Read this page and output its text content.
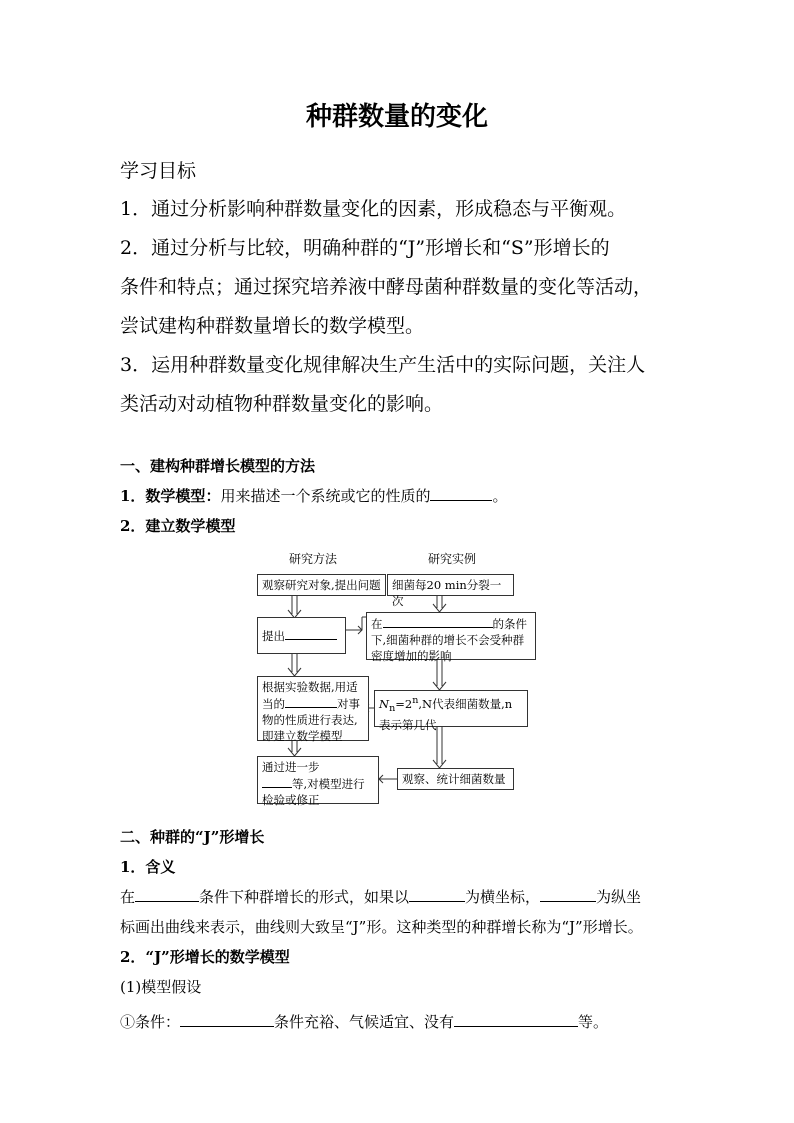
种群数量的变化
学习目标
1．通过分析影响种群数量变化的因素，形成稳态与平衡观。
2．通过分析与比较，明确种群的“J”形增长和“S”形增长的
条件和特点；通过探究培养液中酵母菌种群数量的变化等活动，
尝试建构种群数量增长的数学模型。
3．运用种群数量变化规律解决生产生活中的实际问题，关注人
类活动对动植物种群数量变化的影响。
一、建构种群增长模型的方法
1．数学模型：用来描述一个系统或它的性质的	。
2．建立数学模型
研究方法	研究实例
观察研究对象,提出问题
提出
根据实验数据,用适当的	对事物的性质进行表达,即建立数学模型
通过进一步
等,对模型进行检验或修正
细菌每20 min分裂一次
在	的条件下,细菌种群的增长不会受种群密度增加的影响
$N_n=2^n,N$代表细菌数量,n表示第几代
观察、统计细菌数量
二、种群的“J”形增长
1．含义
在	条件下种群增长的形式，如果以	为横坐标，	为纵坐
标画出曲线来表示，曲线则大致呈“J”形。这种类型的种群增长称为“J”形增长。
2．“J”形增长的数学模型
(1)模型假设
①条件：	条件充裕、气候适宜、没有	等。
